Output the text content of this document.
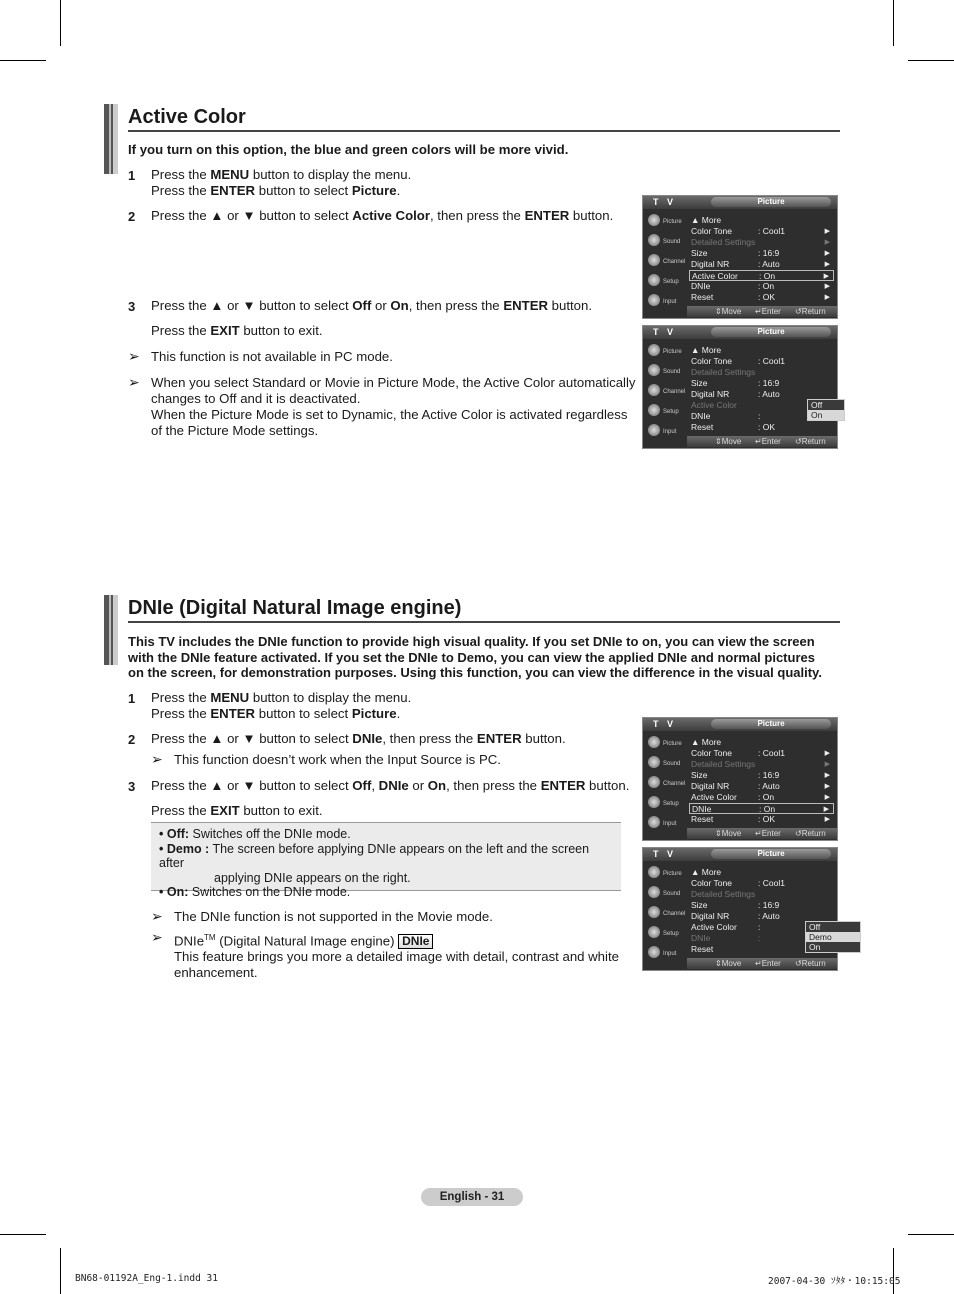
Active Color
If you turn on this option, the blue and green colors will be more vivid.
1 Press the MENU button to display the menu.
Press the ENTER button to select Picture.
2 Press the ▲ or ▼ button to select Active Color, then press the ENTER button.
3 Press the ▲ or ▼ button to select Off or On, then press the ENTER button.
Press the EXIT button to exit.
➢ This function is not available in PC mode.
➢ When you select Standard or Movie in Picture Mode, the Active Color automatically
changes to Off and it is deactivated.
When the Picture Mode is set to Dynamic, the Active Color is activated regardless
of the Picture Mode settings.
T V	Picture
Picture
Sound
Channel
Setup
Input
▲ More
Color Tone	: Cool1	▶
Detailed Settings	▶
Size	: 16:9	▶
Digital NR	: Auto	▶
Active Color : On	▶
DNIe	: On	▶
Reset	: OK	▶
⇕ Move ↵ Enter ↺ Return
T V	Picture
Picture
Sound
Channel
Setup
Input
▲ More
Color Tone	: Cool1
Detailed Settings
Size	: 16:9
Digital NR	: Auto
Active Color
DNIe	:
Reset	: OK
Off
On
⇕ Move ↵ Enter ↺ Return
DNIe (Digital Natural Image engine)
This TV includes the DNIe function to provide high visual quality. If you set DNIe to on, you can view the screen
with the DNIe feature activated. If you set the DNIe to Demo, you can view the applied DNIe and normal pictures
on the screen, for demonstration purposes. Using this function, you can view the difference in the visual quality.
1 Press the MENU button to display the menu.
Press the ENTER button to select Picture.
2 Press the ▲ or ▼ button to select DNIe, then press the ENTER button.
➢ This function doesn’t work when the Input Source is PC.
3 Press the ▲ or ▼ button to select Off, DNIe or On, then press the ENTER button.
Press the EXIT button to exit.
• Off: Switches off the DNIe mode.
• Demo : The screen before applying DNIe appears on the left and the screen after
applying DNIe appears on the right.
• On: Switches on the DNIe mode.
➢ The DNIe function is not supported in the Movie mode.
➢ DNIe™ (Digital Natural Image engine) DNIe
This feature brings you more a detailed image with detail, contrast and white
enhancement.
T V	Picture
Picture
Sound
Channel
Setup
Input
▲ More
Color Tone	: Cool1	▶
Detailed Settings	▶
Size	: 16:9	▶
Digital NR	: Auto	▶
Active Color : On	▶
DNIe	: On	▶
Reset	: OK	▶
⇕ Move ↵ Enter ↺ Return
T V	Picture
Picture
Sound
Channel
Setup
Input
▲ More
Color Tone	: Cool1
Detailed Settings
Size	: 16:9
Digital NR	: Auto
Active Color :
DNIe	:
Reset
Off
Demo
On
⇕ Move ↵ Enter ↺ Return
English - 31
BN68-01192A_Eng-1.indd 31	2007-04-30 ｿﾀﾀ・10:15:05
